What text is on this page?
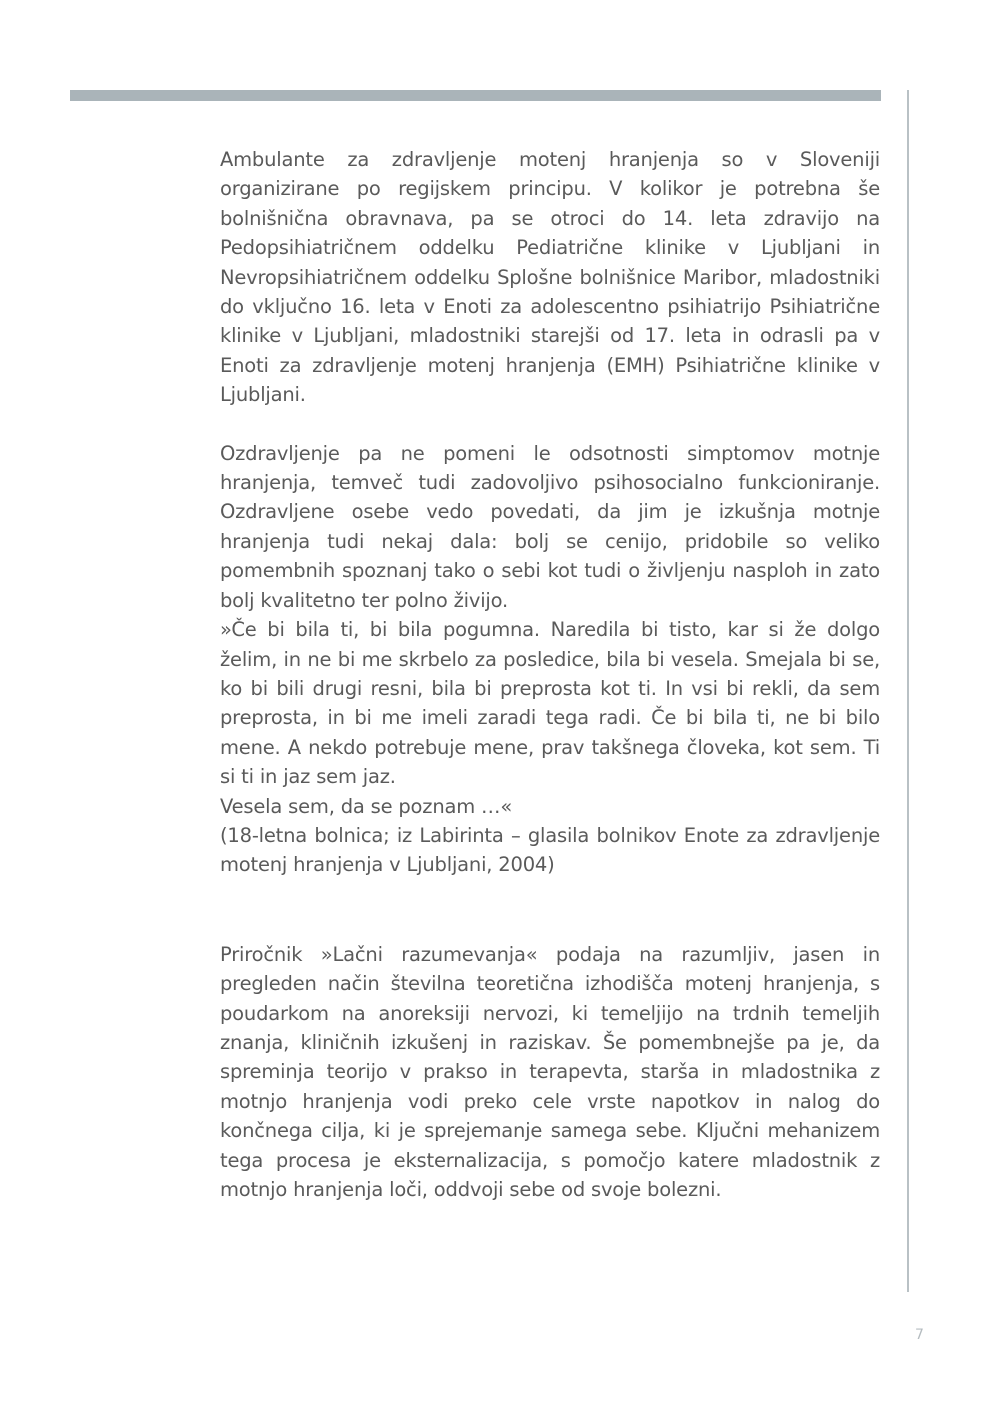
Ambulante za zdravljenje motenj hranjenja so v Sloveniji organizirane po regijskem principu. V kolikor je potrebna še bolnišnična obravnava, pa se otroci do 14. leta zdravijo na Pedopsihiatričnem oddelku Pediatrične klinike v Ljubljani in Nevropsihiatričnem oddelku Splošne bolnišnice Maribor, mladostniki do vključno 16. leta v Enoti za adolescentno psihiatrijo Psihiatrične klinike v Ljubljani, mladostniki starejši od 17. leta in odrasli pa v Enoti za zdravljenje motenj hranjenja (EMH) Psihiatrične klinike v Ljubljani.

Ozdravljenje pa ne pomeni le odsotnosti simptomov motnje hranjenja, temveč tudi zadovoljivo psihosocialno funkcioniranje. Ozdravljene osebe vedo povedati, da jim je izkušnja motnje hranjenja tudi nekaj dala: bolj se cenijo, pridobile so veliko pomembnih spoznanj tako o sebi kot tudi o življenju nasploh in zato bolj kvalitetno ter polno živijo.

»Če bi bila ti, bi bila pogumna. Naredila bi tisto, kar si že dolgo želim, in ne bi me skrbelo za posledice, bila bi vesela. Smejala bi se, ko bi bili drugi resni, bila bi preprosta kot ti. In vsi bi rekli, da sem preprosta, in bi me imeli zaradi tega radi. Če bi bila ti, ne bi bilo mene. A nekdo potrebuje mene, prav takšnega človeka, kot sem. Ti si ti in jaz sem jaz.

Vesela sem, da se poznam …«

(18-letna bolnica; iz Labirinta – glasila bolnikov Enote za zdravljenje motenj hranjenja v Ljubljani, 2004)

Priročnik »Lačni razumevanja« podaja na razumljiv, jasen in pregleden način številna teoretična izhodišča motenj hranjenja, s poudarkom na anoreksiji nervozi, ki temeljijo na trdnih temeljih znanja, kliničnih izkušenj in raziskav. Še pomembnejše pa je, da spreminja teorijo v prakso in terapevta, starša in mladostnika z motnjo hranjenja vodi preko cele vrste napotkov in nalog do končnega cilja, ki je sprejemanje samega sebe. Ključni mehanizem tega procesa je eksternalizacija, s pomočjo katere mladostnik z motnjo hranjenja loči, oddvoji sebe od svoje bolezni.

7
